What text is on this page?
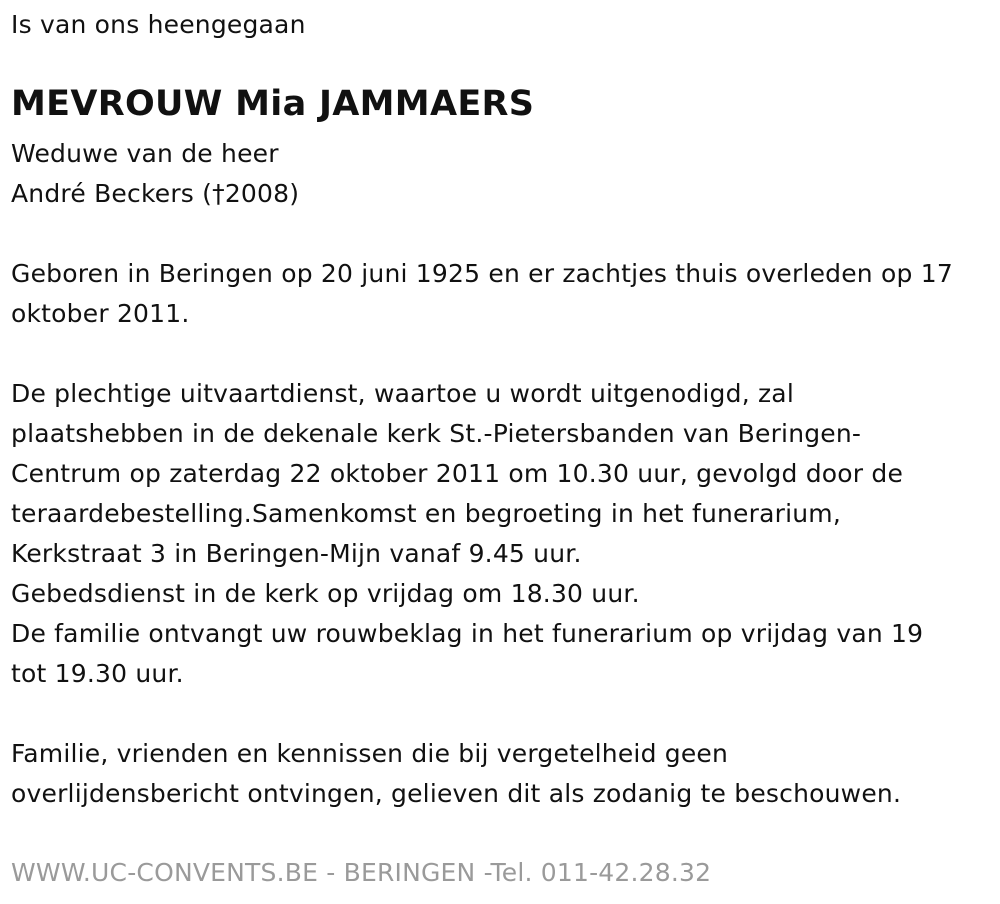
Is van ons heengegaan
MEVROUW Mia JAMMAERS
Weduwe van de heer
André Beckers (†2008)
Geboren in Beringen op 20 juni 1925 en er zachtjes thuis overleden op 17
oktober 2011.
De plechtige uitvaartdienst, waartoe u wordt uitgenodigd, zal
plaatshebben in de dekenale kerk St.-Pietersbanden van Beringen-
Centrum op zaterdag 22 oktober 2011 om 10.30 uur, gevolgd door de
teraardebestelling.Samenkomst en begroeting in het funerarium,
Kerkstraat 3 in Beringen-Mijn vanaf 9.45 uur.
Gebedsdienst in de kerk op vrijdag om 18.30 uur.
De familie ontvangt uw rouwbeklag in het funerarium op vrijdag van 19
tot 19.30 uur.
Familie, vrienden en kennissen die bij vergetelheid geen
overlijdensbericht ontvingen, gelieven dit als zodanig te beschouwen.
WWW.UC-CONVENTS.BE - BERINGEN -Tel. 011-42.28.32
